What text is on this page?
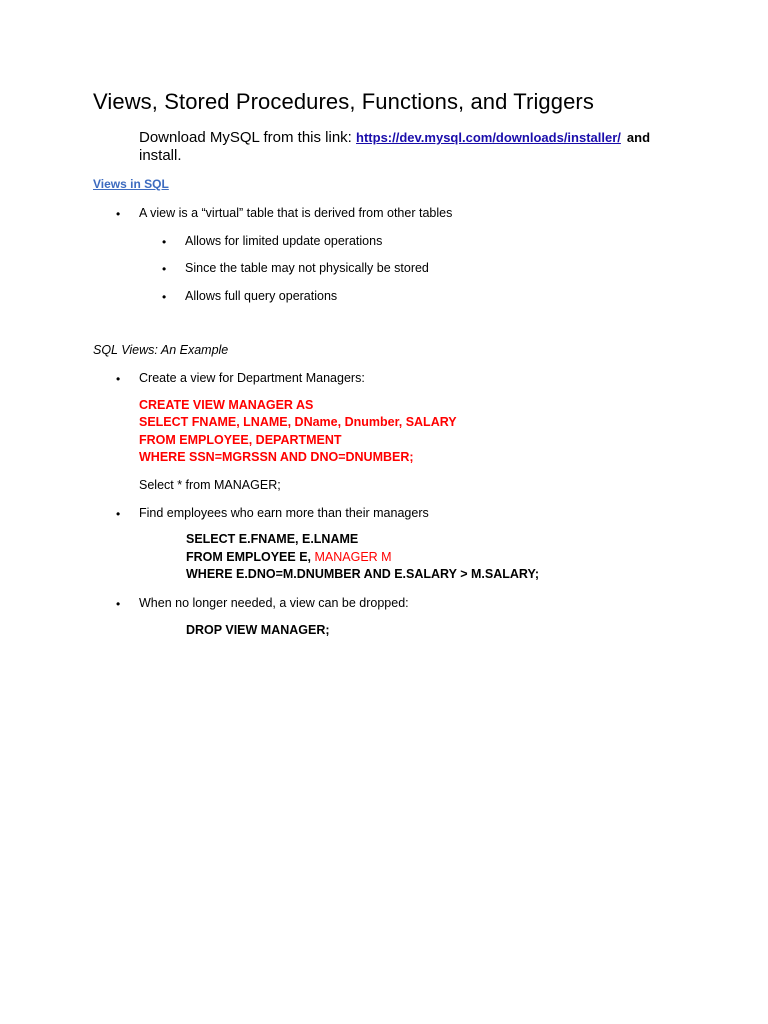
Views, Stored Procedures, Functions, and Triggers
Download MySQL from this link: https://dev.mysql.com/downloads/installer/ and
install.
Views in SQL
• A view is a “virtual” table that is derived from other tables
• Allows for limited update operations
• Since the table may not physically be stored
• Allows full query operations
SQL Views: An Example
• Create a view for Department Managers:
CREATE VIEW MANAGER AS
SELECT FNAME, LNAME, DName, Dnumber, SALARY
FROM EMPLOYEE, DEPARTMENT
WHERE SSN=MGRSSN AND DNO=DNUMBER;
Select * from MANAGER;
• Find employees who earn more than their managers
SELECT E.FNAME, E.LNAME
FROM EMPLOYEE E, MANAGER M
WHERE E.DNO=M.DNUMBER AND E.SALARY > M.SALARY;
• When no longer needed, a view can be dropped:
DROP VIEW MANAGER;
